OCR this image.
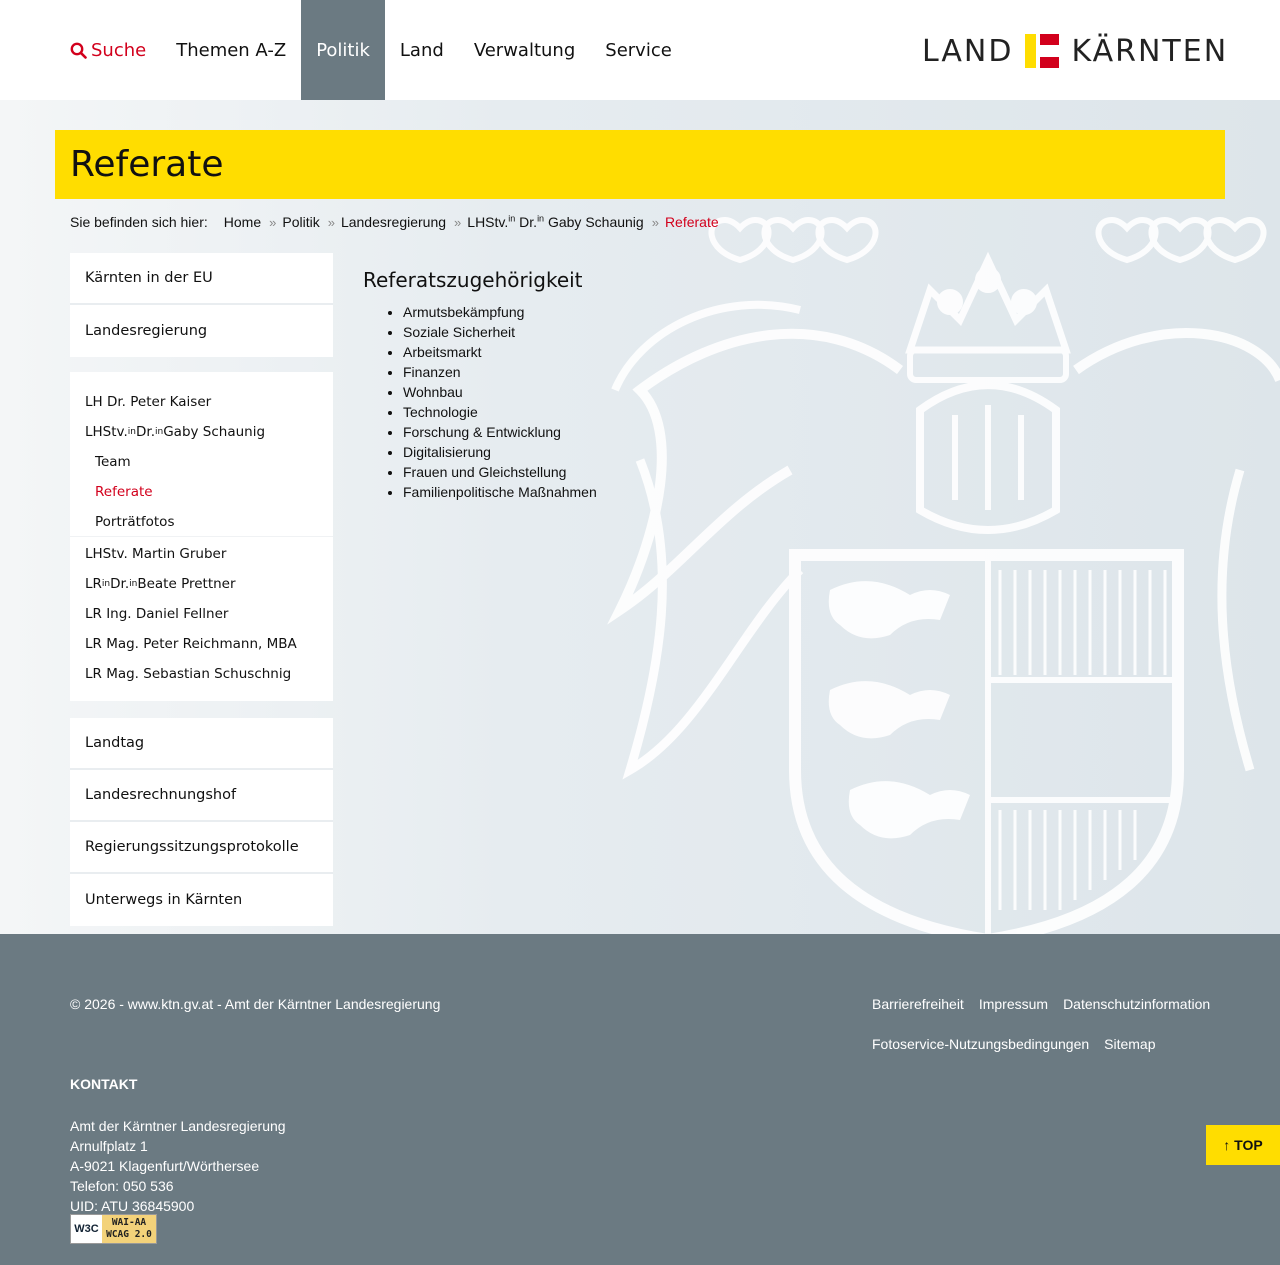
Suche	Themen A-Z	Politik	Land	Verwaltung	Service	LAND KÄRNTEN
Referate
Sie befinden sich hier: Home » Politik » Landesregierung » LHStv.$^{in}$ Dr.$^{in}$ Gaby Schaunig » Referate
Kärnten in der EU
Landesregierung
LH Dr. Peter Kaiser
LHStv. in Dr. in Gaby Schaunig
Team
Referate
Porträtfotos
LHStv. Martin Gruber
LR in Dr. in Beate Prettner
LR Ing. Daniel Fellner
LR Mag. Peter Reichmann, MBA
LR Mag. Sebastian Schuschnig
Landtag
Landesrechnungshof
Regierungssitzungsprotokolle
Unterwegs in Kärnten
Referatszugehörigkeit
• Armutsbekämpfung
• Soziale Sicherheit
• Arbeitsmarkt
• Finanzen
• Wohnbau
• Technologie
• Forschung & Entwicklung
• Digitalisierung
• Frauen und Gleichstellung
• Familienpolitische Maßnahmen
© 2026 - www.ktn.gv.at - Amt der Kärntner Landesregierung	Barrierefreiheit Impressum Datenschutzinformation
Fotoservice-Nutzungsbedingungen Sitemap
KONTAKT
Amt der Kärntner Landesregierung
Arnulfplatz 1
A-9021 Klagenfurt/Wörthersee
Telefon: 050 536
UID: ATU 36845900
W3C
WAI-AA
WCAG 2.0
↑ TOP
